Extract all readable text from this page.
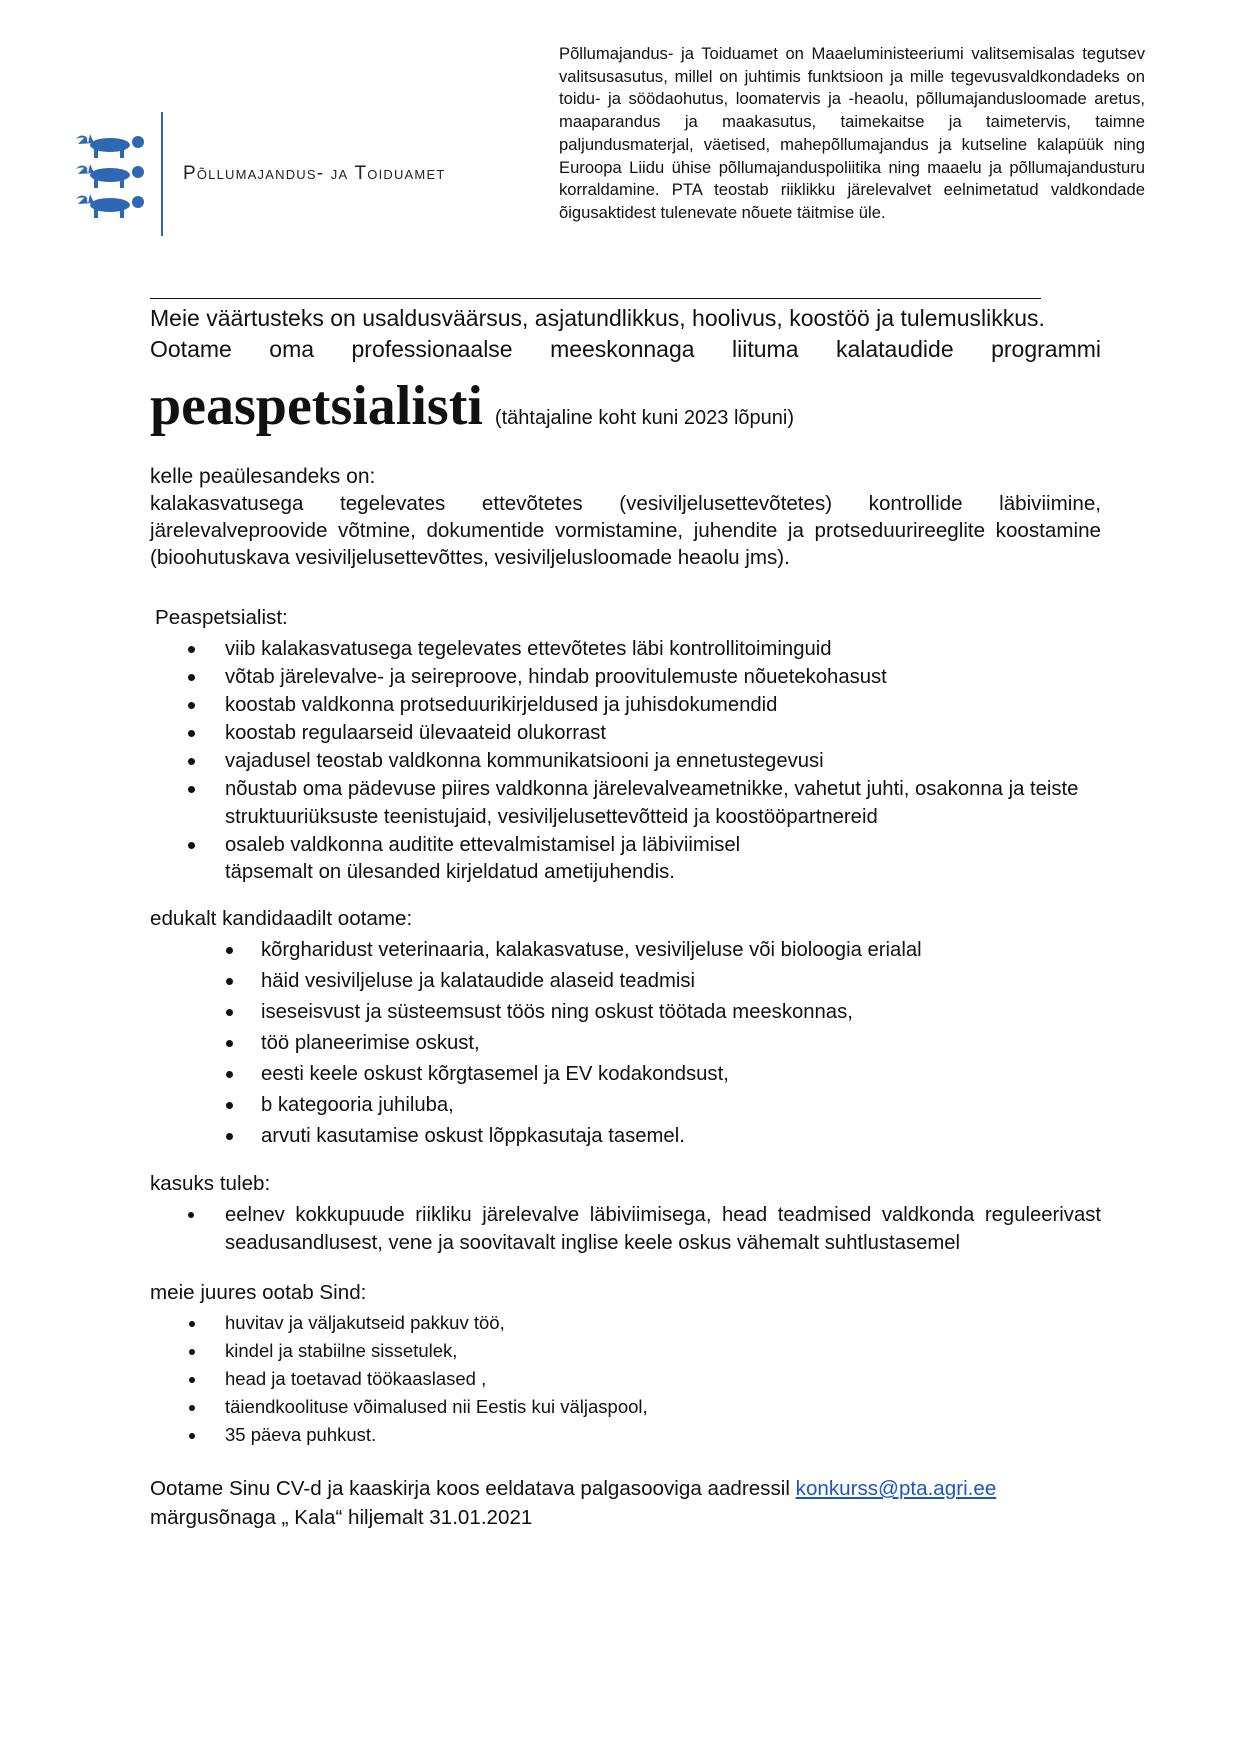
Põllumajandus- ja Toiduamet
Põllumajandus- ja Toiduamet on Maaeluministeeriumi valitsemisalas tegutsev valitsusasutus, millel on juhtimis funktsioon ja mille tegevusvaldkondadeks on toidu- ja söödaohutus, loomatervis ja -heaolu, põllumajandusloomade aretus, maaparandus ja maakasutus, taimekaitse ja taimetervis, taimne paljundusmaterjal, väetised, mahepõllumajandus ja kutseline kalapüük ning Euroopa Liidu ühise põllumajanduspoliitika ning maaelu ja põllumajandusturu korraldamine. PTA teostab riiklikku järelevalvet eelnimetatud valdkondade õigusaktidest tulenevate nõuete täitmise üle.

Meie väärtusteks on usaldusväärsus, asjatundlikkus, hoolivus, koostöö ja tulemuslikkus.

Ootame oma professionaalse meeskonnaga liituma kalataudide programmi

peaspetsialisti (tähtajaline koht kuni 2023 lõpuni)

kelle peaülesandeks on:

kalakasvatusega tegelevates ettevõtetes (vesiviljelusettevõtetes) kontrollide läbiviimine, järelevalveproovide võtmine, dokumentide vormistamine, juhendite ja protseduurireeglite koostamine (bioohutuskava vesiviljelusettevõttes, vesiviljelusloomade heaolu jms).

Peaspetsialist:

viib kalakasvatusega tegelevates ettevõtetes läbi kontrollitoiminguid
võtab järelevalve- ja seireproove, hindab proovitulemuste nõuetekohasust
koostab valdkonna protseduurikirjeldused ja juhisdokumendid
koostab regulaarseid ülevaateid olukorrast
vajadusel teostab valdkonna kommunikatsiooni ja ennetustegevusi
nõustab oma pädevuse piires valdkonna järelevalveametnikke, vahetut juhti, osakonna ja teiste struktuuriüksuste teenistujaid, vesiviljelusettevõtteid ja koostööpartnereid
osaleb valdkonna auditite ettevalmistamisel ja läbiviimisel

täpsemalt on ülesanded kirjeldatud ametijuhendis.

edukalt kandidaadilt ootame:

kõrgharidust veterinaaria, kalakasvatuse, vesiviljeluse või bioloogia erialal
häid vesiviljeluse ja kalataudide alaseid teadmisi
iseseisvust ja süsteemsust töös ning oskust töötada meeskonnas,
töö planeerimise oskust,
eesti keele oskust kõrgtasemel ja EV kodakondsust,
b kategooria juhiluba,
arvuti kasutamise oskust lõppkasutaja tasemel.

kasuks tuleb:

eelnev kokkupuude riikliku järelevalve läbiviimisega, head teadmised valdkonda reguleerivast seadusandlusest, vene ja soovitavalt inglise keele oskus vähemalt suhtlustasemel

meie juures ootab Sind:

huvitav ja väljakutseid pakkuv töö,
kindel ja stabiilne sissetulek,
head ja toetavad töökaaslased ,
täiendkoolituse võimalused nii Eestis kui väljaspool,
35 päeva puhkust.

Ootame Sinu CV-d ja kaaskirja koos eeldatava palgasooviga aadressil konkurss@pta.agri.ee

märgusõnaga „ Kala“ hiljemalt 31.01.2021
